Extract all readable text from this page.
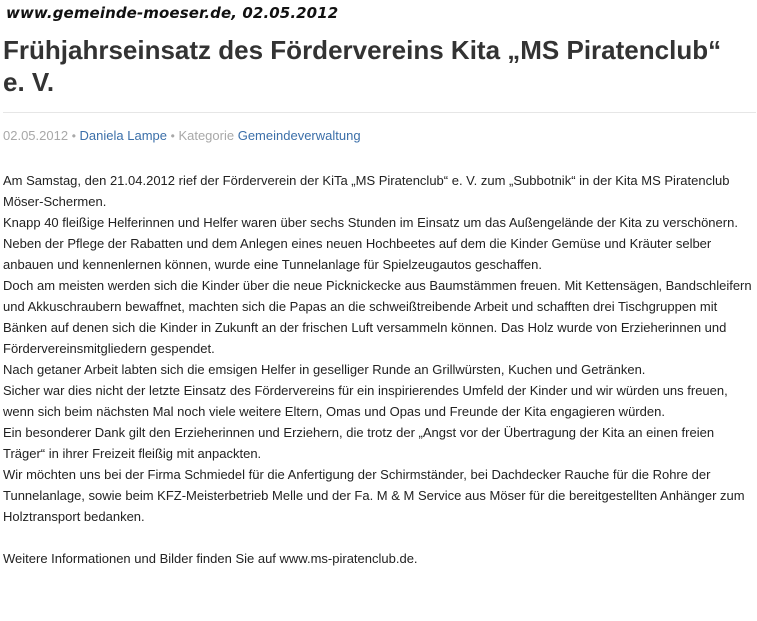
www.gemeinde-moeser.de, 02.05.2012
Frühjahrseinsatz des Fördervereins Kita „MS Piratenclub“ e. V.
02.05.2012 • Daniela Lampe • Kategorie Gemeindeverwaltung

Am Samstag, den 21.04.2012 rief der Förderverein der KiTa „MS Piratenclub“ e. V. zum „Subbotnik“ in der Kita MS Piratenclub Möser-Schermen.

Knapp 40 fleißige Helferinnen und Helfer waren über sechs Stunden im Einsatz um das Außengelände der Kita zu verschönern.

Neben der Pflege der Rabatten und dem Anlegen eines neuen Hochbeetes auf dem die Kinder Gemüse und Kräuter selber anbauen und kennenlernen können, wurde eine Tunnelanlage für Spielzeugautos geschaffen.

Doch am meisten werden sich die Kinder über die neue Picknickecke aus Baumstämmen freuen. Mit Kettensägen, Bandschleifern und Akkuschraubern bewaffnet, machten sich die Papas an die schweißtreibende Arbeit und schafften drei Tischgruppen mit Bänken auf denen sich die Kinder in Zukunft an der frischen Luft versammeln können. Das Holz wurde von Erzieherinnen und Fördervereinsmitgliedern gespendet.

Nach getaner Arbeit labten sich die emsigen Helfer in geselliger Runde an Grillwürsten, Kuchen und Getränken.

Sicher war dies nicht der letzte Einsatz des Fördervereins für ein inspirierendes Umfeld der Kinder und wir würden uns freuen, wenn sich beim nächsten Mal noch viele weitere Eltern, Omas und Opas und Freunde der Kita engagieren würden.

Ein besonderer Dank gilt den Erzieherinnen und Erziehern, die trotz der „Angst vor der Übertragung der Kita an einen freien Träger“ in ihrer Freizeit fleißig mit anpackten.

Wir möchten uns bei der Firma Schmiedel für die Anfertigung der Schirmständer, bei Dachdecker Rauche für die Rohre der Tunnelanlage, sowie beim KFZ-Meisterbetrieb Melle und der Fa. M & M Service aus Möser für die bereitgestellten Anhänger zum Holztransport bedanken.

Weitere Informationen und Bilder finden Sie auf www.ms-piratenclub.de.
